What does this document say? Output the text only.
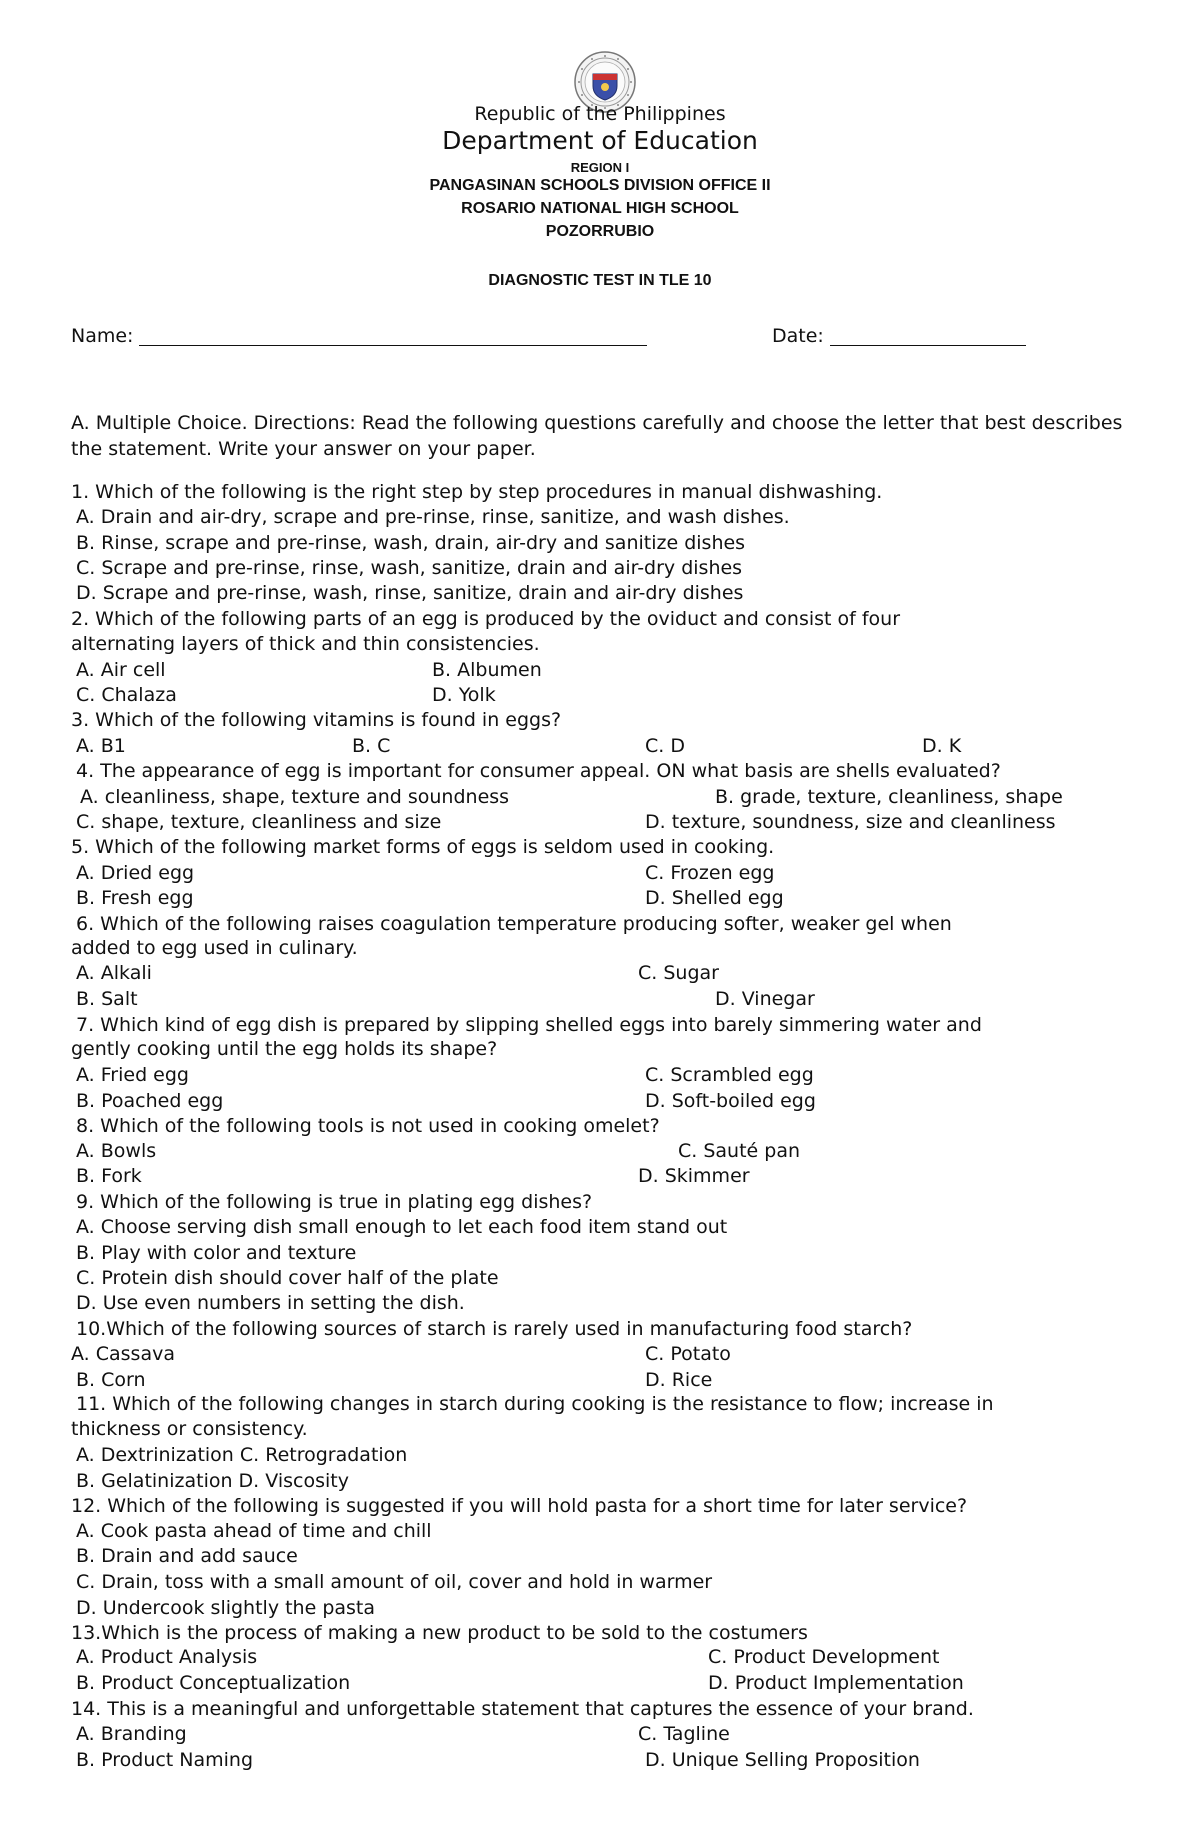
Republic of the Philippines
Department of Education
REGION I
PANGASINAN SCHOOLS DIVISION OFFICE II
ROSARIO NATIONAL HIGH SCHOOL
POZORRUBIO
DIAGNOSTIC TEST IN TLE 10
Name:	Date:
A. Multiple Choice. Directions: Read the following questions carefully and choose the letter that best describes the statement. Write your answer on your paper.
1. Which of the following is the right step by step procedures in manual dishwashing.
A. Drain and air-dry, scrape and pre-rinse, rinse, sanitize, and wash dishes.
B. Rinse, scrape and pre-rinse, wash, drain, air-dry and sanitize dishes
C. Scrape and pre-rinse, rinse, wash, sanitize, drain and air-dry dishes
D. Scrape and pre-rinse, wash, rinse, sanitize, drain and air-dry dishes
2. Which of the following parts of an egg is produced by the oviduct and consist of four
alternating layers of thick and thin consistencies.
A. Air cell	B. Albumen
C. Chalaza	D. Yolk
3. Which of the following vitamins is found in eggs?
A. B1	B. C	C. D	D. K
4. The appearance of egg is important for consumer appeal. ON what basis are shells evaluated?
A. cleanliness, shape, texture and soundness	B. grade, texture, cleanliness, shape
C. shape, texture, cleanliness and size	D. texture, soundness, size and cleanliness
5. Which of the following market forms of eggs is seldom used in cooking.
A. Dried egg	C. Frozen egg
B. Fresh egg	D. Shelled egg
6. Which of the following raises coagulation temperature producing softer, weaker gel when
added to egg used in culinary.
A. Alkali	C. Sugar
B. Salt	D. Vinegar
7. Which kind of egg dish is prepared by slipping shelled eggs into barely simmering water and
gently cooking until the egg holds its shape?
A. Fried egg	C. Scrambled egg
B. Poached egg	D. Soft-boiled egg
8. Which of the following tools is not used in cooking omelet?
A. Bowls	C. Sauté pan
B. Fork	D. Skimmer
9. Which of the following is true in plating egg dishes?
A. Choose serving dish small enough to let each food item stand out
B. Play with color and texture
C. Protein dish should cover half of the plate
D. Use even numbers in setting the dish.
10.Which of the following sources of starch is rarely used in manufacturing food starch?
A. Cassava	C. Potato
B. Corn	D. Rice
11. Which of the following changes in starch during cooking is the resistance to flow; increase in
thickness or consistency.
A. Dextrinization C. Retrogradation
B. Gelatinization D. Viscosity
12. Which of the following is suggested if you will hold pasta for a short time for later service?
A. Cook pasta ahead of time and chill
B. Drain and add sauce
C. Drain, toss with a small amount of oil, cover and hold in warmer
D. Undercook slightly the pasta
13.Which is the process of making a new product to be sold to the costumers
A. Product Analysis	C. Product Development
B. Product Conceptualization	D. Product Implementation
14. This is a meaningful and unforgettable statement that captures the essence of your brand.
A. Branding	C. Tagline
B. Product Naming	D. Unique Selling Proposition
